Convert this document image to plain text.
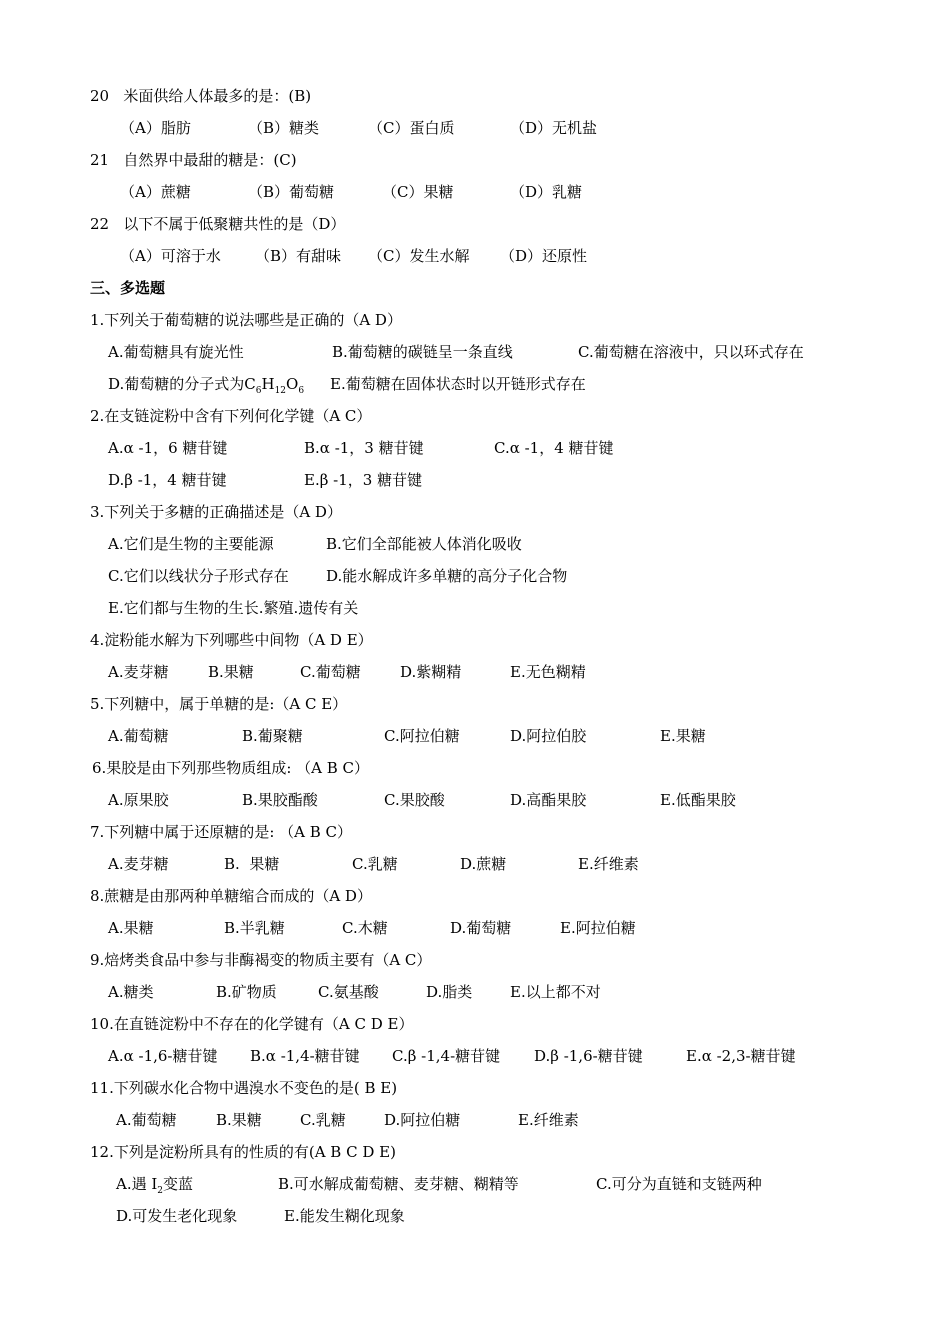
20   米面供给人体最多的是：(B)
（A）脂肪	（B）糖类	（C）蛋白质	（D）无机盐
21   自然界中最甜的糖是：(C)
（A）蔗糖	（B）葡萄糖	（C）果糖	（D）乳糖
22   以下不属于低聚糖共性的是（D）
（A）可溶于水 （B）有甜味 （C）发生水解 （D）还原性
三、多选题
1.下列关于葡萄糖的说法哪些是正确的（A D）
A.葡萄糖具有旋光性	B.葡萄糖的碳链呈一条直线	C.葡萄糖在溶液中，只以环式存在
D.葡萄糖的分子式为$C_6H_{12}O_6$ E.葡萄糖在固体状态时以开链形式存在
2.在支链淀粉中含有下列何化学键（A C）
A.α -1，6 糖苷键	B.α -1，3 糖苷键	C.α -1，4 糖苷键
D.β -1，4 糖苷键	E.β -1，3 糖苷键
3.下列关于多糖的正确描述是（A D）
A.它们是生物的主要能源	B.它们全部能被人体消化吸收
C.它们以线状分子形式存在 D.能水解成许多单糖的高分子化合物
E.它们都与生物的生长.繁殖.遗传有关
4.淀粉能水解为下列哪些中间物（A D E）
A.麦芽糖	B.果糖	C.葡萄糖	D.紫糊精	E.无色糊精
5.下列糖中，属于单糖的是:（A C E）
A.葡萄糖	B.葡聚糖	C.阿拉伯糖	D.阿拉伯胶	E.果糖
6.果胶是由下列那些物质组成: （A B C）
A.原果胶	B.果胶酯酸	C.果胶酸	D.高酯果胶	E.低酯果胶
7.下列糖中属于还原糖的是: （A B C）
A.麦芽糖	B.  果糖	C.乳糖	D.蔗糖	E.纤维素
8.蔗糖是由那两种单糖缩合而成的（A D）
A.果糖	B.半乳糖	C.木糖	D.葡萄糖	E.阿拉伯糖
9.焙烤类食品中参与非酶褐变的物质主要有（A C）
A.糖类	B.矿物质	C.氨基酸	D.脂类	E.以上都不对
10.在直链淀粉中不存在的化学键有（A C D E）
A.α -1,6-糖苷键 B.α -1,4-糖苷键 C.β -1,4-糖苷键 D.β -1,6-糖苷键	E.α -2,3-糖苷键
11.下列碳水化合物中遇溴水不变色的是( B E)
A.葡萄糖	B.果糖	C.乳糖	D.阿拉伯糖	E.纤维素
12.下列是淀粉所具有的性质的有(A B C D E)
A.遇 $I_2$变蓝	B.可水解成葡萄糖、麦芽糖、糊精等	C.可分为直链和支链两种
D.可发生老化现象	E.能发生糊化现象
